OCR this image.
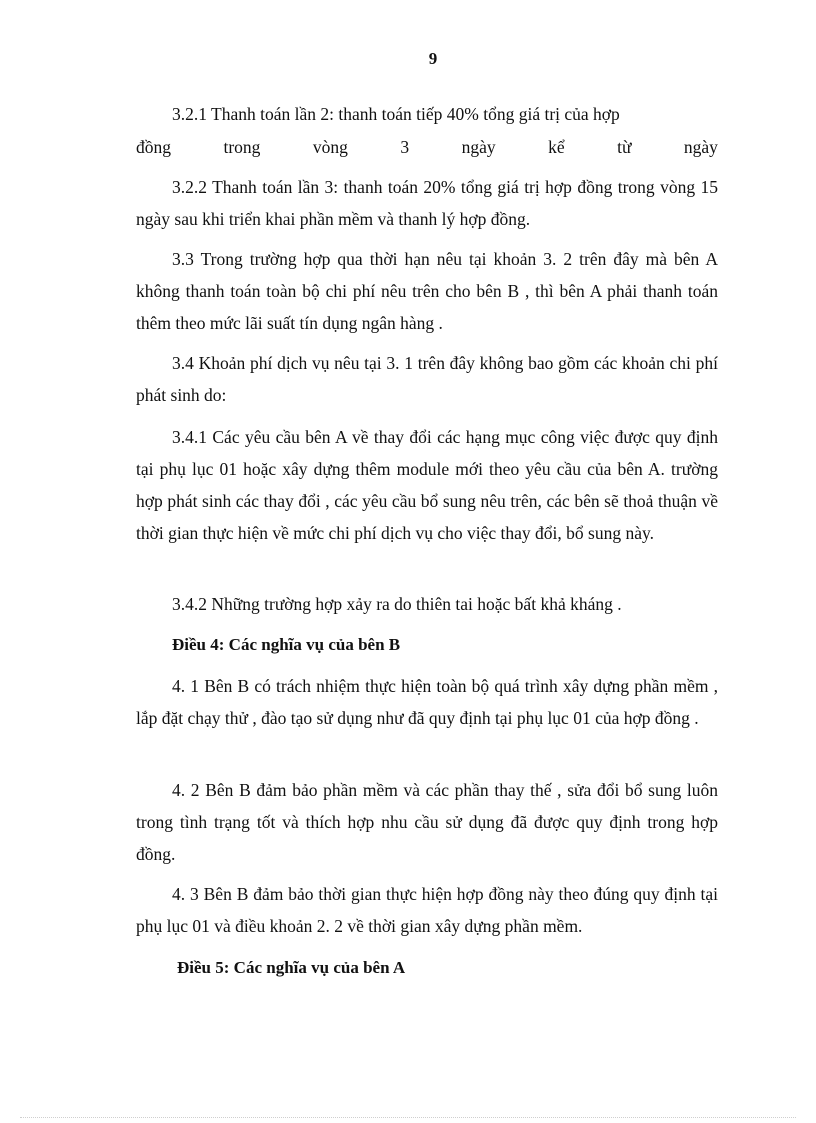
9

3.2.1 Thanh toán lần 2: thanh toán tiếp 40% tổng giá trị của hợp

đồng	trong	vòng	3	ngày	kể	từ	ngày

3.2.2 Thanh toán lần 3: thanh toán 20% tổng giá trị hợp đồng trong vòng 15 ngày sau khi triển khai phần mềm và thanh lý hợp đồng.

3.3 Trong trường hợp qua thời hạn nêu tại khoản 3. 2 trên đây mà bên A không thanh toán toàn bộ chi phí nêu trên cho bên B , thì bên A phải thanh toán thêm theo mức lãi suất tín dụng ngân hàng .

3.4 Khoản phí dịch vụ nêu tại 3. 1 trên đây không bao gồm các khoản chi phí phát sinh do:

3.4.1 Các yêu cầu bên A về thay đổi các hạng mục công việc được quy định tại phụ lục 01 hoặc xây dựng thêm module mới theo yêu cầu của bên A. trường hợp phát sinh các thay đổi , các yêu cầu bổ sung nêu trên, các bên sẽ thoả thuận về thời gian thực hiện về mức chi phí dịch vụ cho việc thay đổi, bổ sung này.

3.4.2 Những trường hợp xảy ra do thiên tai hoặc bất khả kháng .

Điều 4: Các nghĩa vụ của bên B

4. 1 Bên B có trách nhiệm thực hiện toàn bộ quá trình xây dựng phần mềm , lắp đặt chạy thử , đào tạo sử dụng như đã quy định tại phụ lục 01 của hợp đồng .

4. 2 Bên B đảm bảo phần mềm và các phần thay thế , sửa đổi bổ sung luôn trong tình trạng tốt và thích hợp nhu cầu sử dụng đã được quy định trong hợp đồng.

4. 3 Bên B đảm bảo thời gian thực hiện hợp đồng này theo đúng quy định tại phụ lục 01 và điều khoản 2. 2 về thời gian xây dựng phần mềm.

Điều 5: Các nghĩa vụ của bên A
